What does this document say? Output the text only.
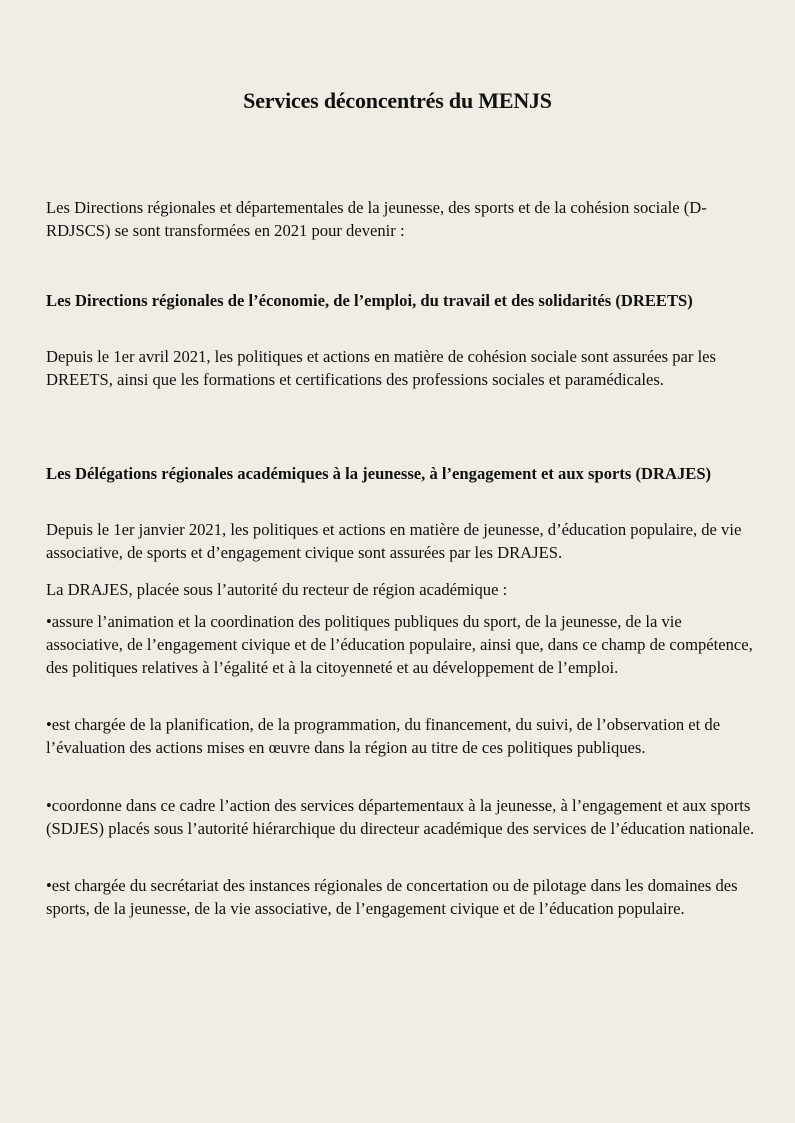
Services déconcentrés du MENJS
Les Directions régionales et départementales de la jeunesse, des sports et de la cohésion sociale (D-RDJSCS) se sont transformées en 2021 pour devenir :
Les Directions régionales de l’économie, de l’emploi, du travail et des solidarités (DREETS)
Depuis le 1er avril 2021, les politiques et actions en matière de cohésion sociale sont assurées par les DREETS, ainsi que les formations et certifications des professions sociales et paramédicales.
Les Délégations régionales académiques à la jeunesse, à l’engagement et aux sports (DRAJES)
Depuis le 1er janvier 2021, les politiques et actions en matière de jeunesse, d’éducation populaire, de vie associative, de sports et d’engagement civique sont assurées par les DRAJES.
La DRAJES, placée sous l’autorité du recteur de région académique :
•assure l’animation et la coordination des politiques publiques du sport, de la jeunesse, de la vie associative, de l’engagement civique et de l’éducation populaire, ainsi que, dans ce champ de compétence, des politiques relatives à l’égalité et à la citoyenneté et au développement de l’emploi.
•est chargée de la planification, de la programmation, du financement, du suivi, de l’observation et de l’évaluation des actions mises en œuvre dans la région au titre de ces politiques publiques.
•coordonne dans ce cadre l’action des services départementaux à la jeunesse, à l’engagement et aux sports (SDJES) placés sous l’autorité hiérarchique du directeur académique des services de l’éducation nationale.
•est chargée du secrétariat des instances régionales de concertation ou de pilotage dans les domaines des sports, de la jeunesse, de la vie associative, de l’engagement civique et de l’éducation populaire.
